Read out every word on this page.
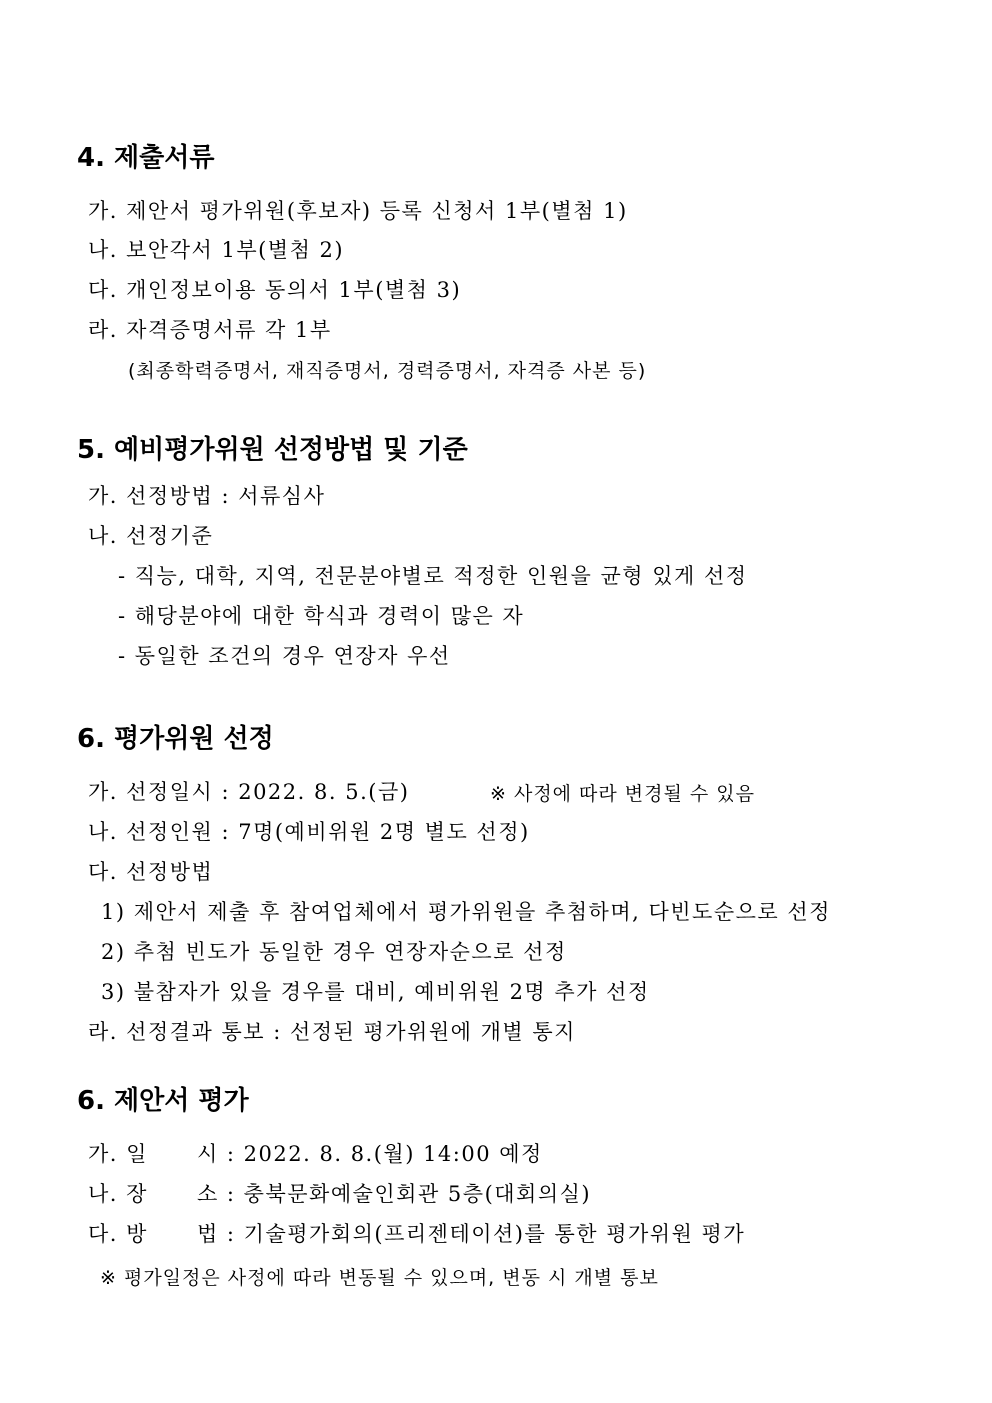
4. 제출서류
가. 제안서 평가위원(후보자) 등록 신청서 1부(별첨 1)
나. 보안각서 1부(별첨 2)
다. 개인정보이용 동의서 1부(별첨 3)
라. 자격증명서류 각 1부
(최종학력증명서, 재직증명서, 경력증명서, 자격증 사본 등)
5. 예비평가위원 선정방법 및 기준
가. 선정방법 : 서류심사
나. 선정기준
- 직능, 대학, 지역, 전문분야별로 적정한 인원을 균형 있게 선정
- 해당분야에 대한 학식과 경력이 많은 자
- 동일한 조건의 경우 연장자 우선
6. 평가위원 선정
가. 선정일시 : 2022. 8. 5.(금)	※ 사정에 따라 변경될 수 있음
나. 선정인원 : 7명(예비위원 2명 별도 선정)
다. 선정방법
1) 제안서 제출 후 참여업체에서 평가위원을 추첨하며, 다빈도순으로 선정
2) 추첨 빈도가 동일한 경우 연장자순으로 선정
3) 불참자가 있을 경우를 대비, 예비위원 2명 추가 선정
라. 선정결과 통보 : 선정된 평가위원에 개별 통지
6. 제안서 평가
가. 일      시 : 2022. 8. 8.(월) 14:00 예정
나. 장      소 : 충북문화예술인회관 5층(대회의실)
다. 방      법 : 기술평가회의(프리젠테이션)를 통한 평가위원 평가
※ 평가일정은 사정에 따라 변동될 수 있으며, 변동 시 개별 통보
